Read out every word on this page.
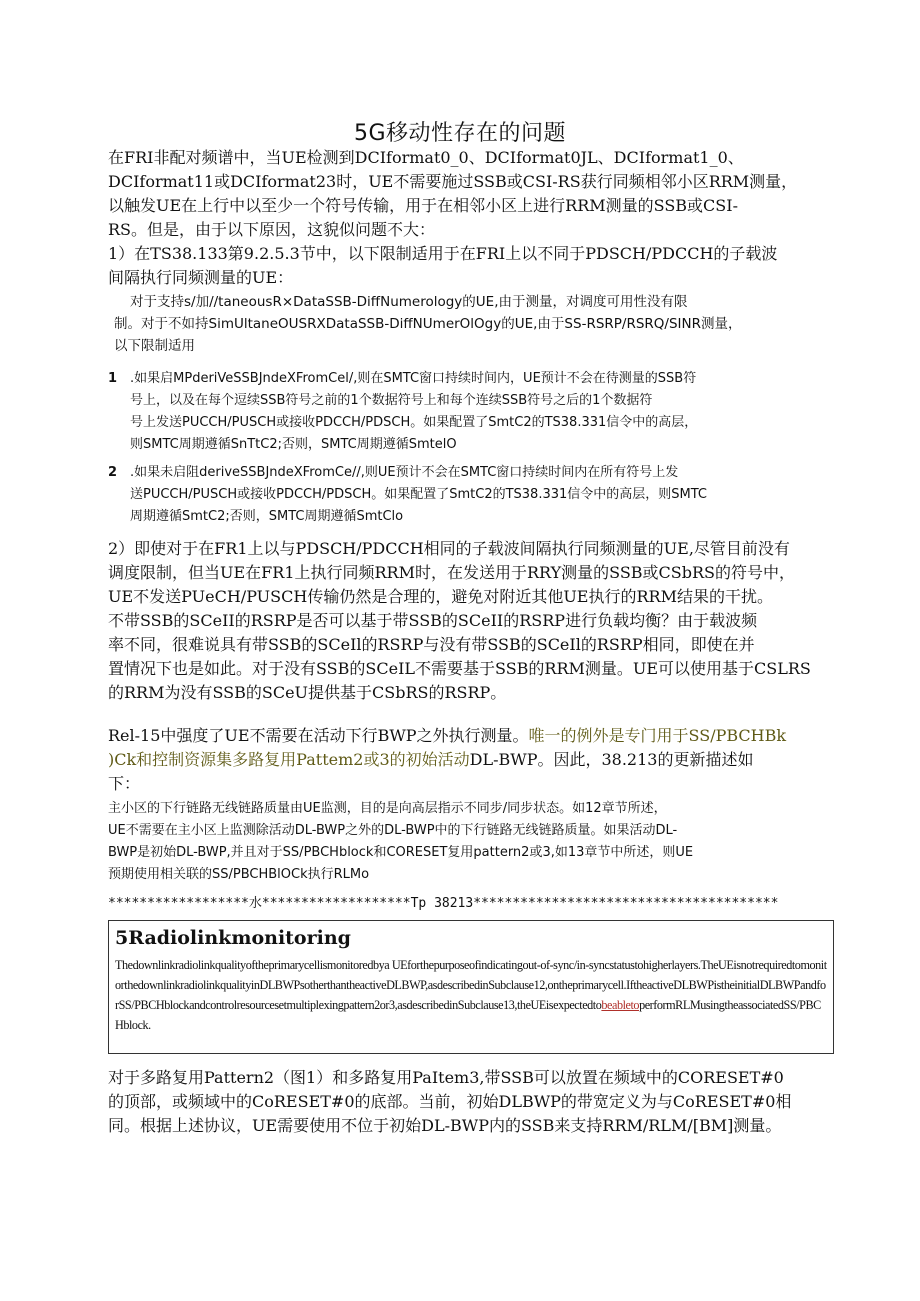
5G移动性存在的问题
在FRI非配对频谱中，当UE检测到DCIformat0_0、DCIformat0JL、DCIformat1_0、
DCIformat11或DCIformat23时，UE不需要施过SSB或CSI-RS获行同频相邻小区RRM测量，
以触发UE在上行中以至少一个符号传输，用于在相邻小区上进行RRM测量的SSB或CSI-
RS。但是，由于以下原因，这貌似问题不大：
1）在TS38.133第9.2.5.3节中，以下限制适用于在FRI上以不同于PDSCH/PDCCH的子载波
间隔执行同频测量的UE：
对于支持s/加//taneousR×DataSSB-DiffNumerology的UE,由于测量，对调度可用性没有限
制。对于不如持SimUltaneOUSRXDataSSB-DiffNUmerOlOgy的UE,由于SS-RSRP/RSRQ/SINR测量，
以下限制适用
1 .如果启MPderiVeSSBJndeXFromCel/,则在SMTC窗口持续时间内，UE预计不会在待测量的SSB符
号上，以及在每个逗续SSB符号之前的1个数据符号上和每个连续SSB符号之后的1个数据符
号上发送PUCCH/PUSCH或接收PDCCH/PDSCH。如果配置了SmtC2的TS38.331信令中的高层，
则SMTC周期遵循SnTtC2;否则，SMTC周期遵循SmtelO
2 .如果未启阻deriveSSBJndeXFromCe//,则UE预计不会在SMTC窗口持续时间内在所有符号上发
送PUCCH/PUSCH或接收PDCCH/PDSCH。如果配置了SmtC2的TS38.331信令中的高层，则SMTC
周期遵循SmtC2;否则，SMTC周期遵循SmtClo
2）即使对于在FR1上以与PDSCH/PDCCH相同的子载波间隔执行同频测量的UE,尽管目前没有
调度限制，但当UE在FR1上执行同频RRM时，在发送用于RRY测量的SSB或CSbRS的符号中，
UE不发送PUeCH/PUSCH传输仍然是合理的，避免对附近其他UE执行的RRM结果的干扰。
不带SSB的SCeII的RSRP是否可以基于带SSB的SCeII的RSRP进行负载均衡？由于载波频
率不同，很难说具有带SSB的SCeIl的RSRP与没有带SSB的SCeIl的RSRP相同，即使在并
置情况下也是如此。对于没有SSB的SCeIL不需要基于SSB的RRM测量。UE可以使用基于CSLRS
的RRM为没有SSB的SCeU提供基于CSbRS的RSRP。
Rel-15中强度了UE不需要在活动下行BWP之外执行测量。唯一的例外是专门用于SS/PBCHBk
)Ck和控制资源集多路复用Pattem2或3的初始活动DL-BWP。因此，38.213的更新描述如
下：
主小区的下行链路无线链路质量由UE监测，目的是向高层指示不同步/同步状态。如12章节所述，
UE不需要在主小区上监测除活动DL-BWP之外的DL-BWP中的下行链路无线链路质量。如果活动DL-
BWP是初始DL-BWP,并且对于SS/PBCHblock和CORESET复用pattern2或3,如13章节中所述，则UE
预期使用相关联的SS/PBCHBlOCk执行RLMo
******************水*******************Tp 38213***************************************
5Radiolinkmonitoring
Thedownlinkradiolinkqualityoftheprimarycellismonitoredbya UEforthepurposeofindicatingout-of-sync/in-syncstatustohigherlayers.TheUEisnotrequiredtomonitorthedownlinkradiolinkqualityinDLBWPsotherthantheactiveDLBWP,asdescribedinSubclause12,ontheprimarycell.IftheactiveDLBWPistheinitialDLBWPandforSS/PBCHblockandcontrolresourcesetmultiplexingpattern2or3,asdescribedinSubclause13,theUEisexpectedtobeabletoperformRLMusingtheassociatedSS/PBCHblock.
对于多路复用Pattern2（图1）和多路复用PaItem3,带SSB可以放置在频域中的CORESET#0
的顶部，或频域中的CoRESET#0的底部。当前，初始DLBWP的带宽定义为与CoRESET#0相
同。根据上述协议，UE需要使用不位于初始DL-BWP内的SSB来支持RRM/RLM/[BM]测量。
